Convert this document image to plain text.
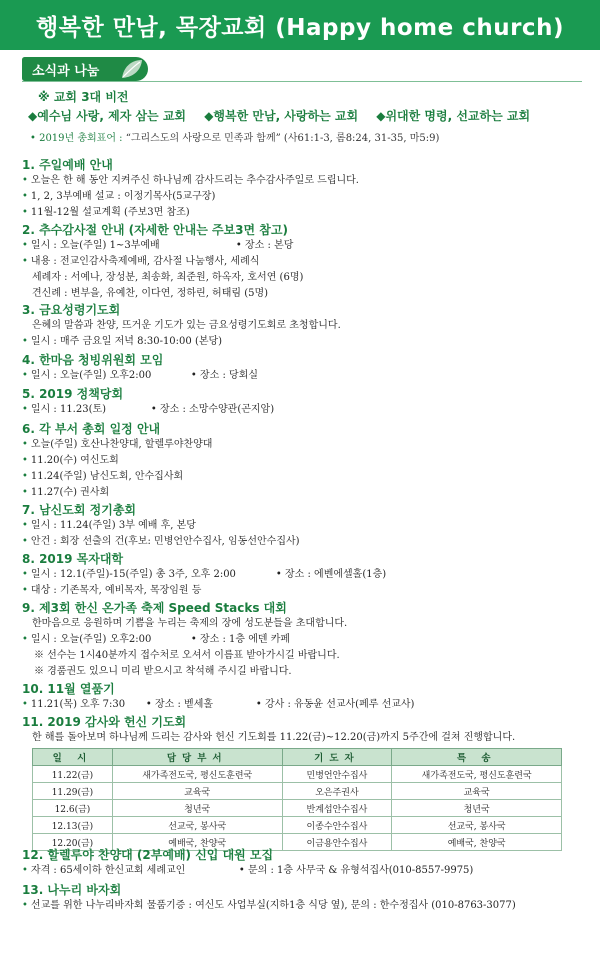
행복한 만남, 목장교회 (Happy home church)
소식과 나눔
※ 교회 3대 비전
◆예수님 사랑, 제자 삼는 교회 ◆행복한 만남, 사랑하는 교회 ◆위대한 명령, 선교하는 교회
• 2019년 총회표어 : “그리스도의 사랑으로 민족과 함께” (사61:1-3, 롬8:24, 31-35, 마5:9)
1. 주일예배 안내
• 오늘은 한 해 동안 지켜주신 하나님께 감사드리는 추수감사주일로 드립니다.
• 1, 2, 3부예배 설교 : 이정기목사(5교구장)
• 11월-12월 설교계획 (주보3면 참조)
2. 추수감사절 안내 (자세한 안내는 주보3면 참고)
• 일시 : 오늘(주일) 1~3부예배	• 장소 : 본당
• 내용 : 전교인감사축제예배, 감사절 나눔행사, 세례식
세례자 : 서예나, 장성분, 최송화, 최준원, 하옥자, 호서연 (6명)
견신례 : 변부을, 유예찬, 이다연, 정하린, 허태림 (5명)
3. 금요성령기도회
은혜의 말씀과 찬양, 뜨거운 기도가 있는 금요성령기도회로 초청합니다.
• 일시 : 매주 금요일 저녁 8:30-10:00 (본당)
4. 한마음 청빙위원회 모임
• 일시 : 오늘(주일) 오후2:00	• 장소 : 당회실
5. 2019 정책당회
• 일시 : 11.23(토)	• 장소 : 소망수양관(곤지암)
6. 각 부서 총회 일정 안내
• 오늘(주일) 호산나찬양대, 할렐루야찬양대
• 11.20(수) 여신도회
• 11.24(주일) 남신도회, 안수집사회
• 11.27(수) 권사회
7. 남신도회 정기총회
• 일시 : 11.24(주일) 3부 예배 후, 본당
• 안건 : 회장 선출의 건(후보: 민병언안수집사, 임동선안수집사)
8. 2019 목자대학
• 일시 : 12.1(주일)-15(주일) 총 3주, 오후 2:00	• 장소 : 에벤에셀홀(1층)
• 대상 : 기존목자, 예비목자, 목장임원 등
9. 제3회 한신 온가족 축제 Speed Stacks 대회
한마음으로 응원하며 기쁨을 누리는 축제의 장에 성도분들을 초대합니다.
• 일시 : 오늘(주일) 오후2:00	• 장소 : 1층 에덴 카페
※ 선수는 1시40분까지 접수처로 오셔서 이름표 받아가시길 바랍니다.
※ 경품권도 있으니 미리 받으시고 착석해 주시길 바랍니다.
10. 11월 열품기
• 11.21(목) 오후 7:30 • 장소 : 벧세홀	• 강사 : 유동윤 선교사(페루 선교사)
11. 2019 감사와 헌신 기도회
한 해를 돌아보며 하나님께 드리는 감사와 헌신 기도회를 11.22(금)~12.20(금)까지 5주간에 걸쳐 진행합니다.
일 시	담당부서	기도자	특 송
11.22(금)	새가족전도국, 평신도훈련국	민병언안수집사	새가족전도국, 평신도훈련국
11.29(금)	교육국	오은주권사	교육국
12.6(금)	청년국	반계섭안수집사	청년국
12.13(금)	선교국, 봉사국	이종수안수집사	선교국, 봉사국
12.20(금)	예배국, 찬양국	이금용안수집사	예배국, 찬양국
12. 할렐루야 찬양대 (2부예배) 신입 대원 모집
• 자격 : 65세이하 한신교회 세례교인	• 문의 : 1층 사무국 & 유형석집사(010-8557-9975)
13. 나누리 바자회
• 선교를 위한 나누리바자회 물품기증 : 여신도 사업부실(지하1층 식당 옆), 문의 : 한수정집사 (010-8763-3077)
